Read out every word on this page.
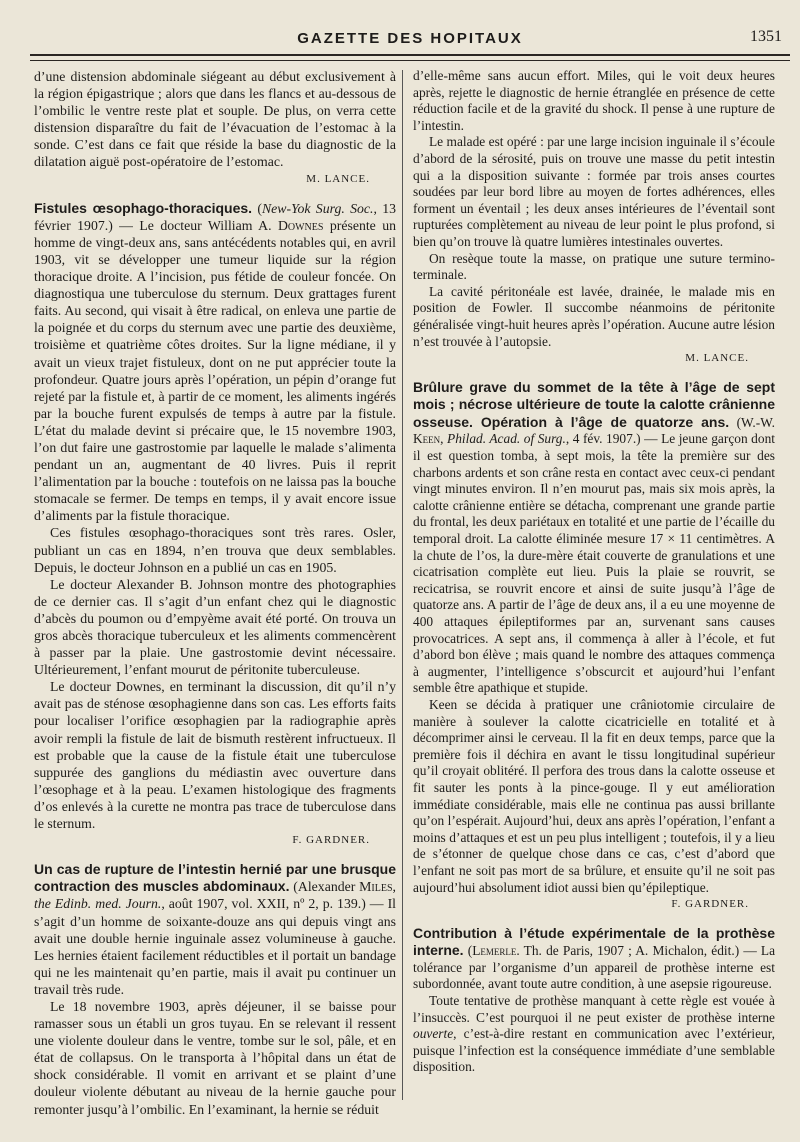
GAZETTE DES HOPITAUX	1351

d’une distension abdominale siégeant au début exclusivement à la région épigastrique ; alors que dans les flancs et au-dessous de l’ombilic le ventre reste plat et souple. De plus, on verra cette distension disparaître du fait de l’évacuation de l’estomac à la sonde. C’est dans ce fait que réside la base du diagnostic de la dilatation aiguë post-opératoire de l’estomac.

M. LANCE.

Fistules œsophago-thoraciques. (New-Yok Surg. Soc., 13 février 1907.) — Le docteur William A. Downes présente un homme de vingt-deux ans, sans antécédents notables qui, en avril 1903, vit se développer une tumeur liquide sur la région thoracique droite. A l’incision, pus fétide de couleur foncée. On diagnostiqua une tuberculose du sternum. Deux grattages furent faits. Au second, qui visait à être radical, on enleva une partie de la poignée et du corps du sternum avec une partie des deuxième, troisième et quatrième côtes droites. Sur la ligne médiane, il y avait un vieux trajet fistuleux, dont on ne put apprécier toute la profondeur. Quatre jours après l’opération, un pépin d’orange fut rejeté par la fistule et, à partir de ce moment, les aliments ingérés par la bouche furent expulsés de temps à autre par la fistule. L’état du malade devint si précaire que, le 15 novembre 1903, l’on dut faire une gastrostomie par laquelle le malade s’alimenta pendant un an, augmentant de 40 livres. Puis il reprit l’alimentation par la bouche : toutefois on ne laissa pas la bouche stomacale se fermer. De temps en temps, il y avait encore issue d’aliments par la fistule thoracique.

Ces fistules œsophago-thoraciques sont très rares. Osler, publiant un cas en 1894, n’en trouva que deux semblables. Depuis, le docteur Johnson en a publié un cas en 1905.

Le docteur Alexander B. Johnson montre des photographies de ce dernier cas. Il s’agit d’un enfant chez qui le diagnostic d’abcès du poumon ou d’empyème avait été porté. On trouva un gros abcès thoracique tuberculeux et les aliments commencèrent à passer par la plaie. Une gastrostomie devint nécessaire. Ultérieurement, l’enfant mourut de péritonite tuberculeuse.

Le docteur Downes, en terminant la discussion, dit qu’il n’y avait pas de sténose œsophagienne dans son cas. Les efforts faits pour localiser l’orifice œsophagien par la radiographie après avoir rempli la fistule de lait de bismuth restèrent infructueux. Il est probable que la cause de la fistule était une tuberculose suppurée des ganglions du médiastin avec ouverture dans l’œsophage et à la peau. L’examen histologique des fragments d’os enlevés à la curette ne montra pas trace de tuberculose dans le sternum.

F. GARDNER.

Un cas de rupture de l’intestin hernié par une brusque contraction des muscles abdominaux. (Alexander Miles, the Edinb. med. Journ., août 1907, vol. XXII, nº 2, p. 139.) — Il s’agit d’un homme de soixante-douze ans qui depuis vingt ans avait une double hernie inguinale assez volumineuse à gauche. Les hernies étaient facilement réductibles et il portait un bandage qui ne les maintenait qu’en partie, mais il avait pu continuer un travail très rude.

Le 18 novembre 1903, après déjeuner, il se baisse pour ramasser sous un établi un gros tuyau. En se relevant il ressent une violente douleur dans le ventre, tombe sur le sol, pâle, et en état de collapsus. On le transporta à l’hôpital dans un état de shock considérable. Il vomit en arrivant et se plaint d’une douleur violente débutant au niveau de la hernie gauche pour remonter jusqu’à l’ombilic. En l’examinant, la hernie se réduit

d’elle-même sans aucun effort. Miles, qui le voit deux heures après, rejette le diagnostic de hernie étranglée en présence de cette réduction facile et de la gravité du shock. Il pense à une rupture de l’intestin.

Le malade est opéré : par une large incision inguinale il s’écoule d’abord de la sérosité, puis on trouve une masse du petit intestin qui a la disposition suivante : formée par trois anses courtes soudées par leur bord libre au moyen de fortes adhérences, elles forment un éventail ; les deux anses intérieures de l’éventail sont rupturées complètement au niveau de leur point le plus profond, si bien qu’on trouve là quatre lumières intestinales ouvertes.

On resèque toute la masse, on pratique une suture termino-terminale.

La cavité péritonéale est lavée, drainée, le malade mis en position de Fowler. Il succombe néanmoins de péritonite généralisée vingt-huit heures après l’opération. Aucune autre lésion n’est trouvée à l’autopsie.

M. LANCE.

Brûlure grave du sommet de la tête à l’âge de sept mois ; nécrose ultérieure de toute la calotte crânienne osseuse. Opération à l’âge de quatorze ans. (W.-W. Keen, Philad. Acad. of Surg., 4 fév. 1907.) — Le jeune garçon dont il est question tomba, à sept mois, la tête la première sur des charbons ardents et son crâne resta en contact avec ceux-ci pendant vingt minutes environ. Il n’en mourut pas, mais six mois après, la calotte crânienne entière se détacha, comprenant une grande partie du frontal, les deux pariétaux en totalité et une partie de l’écaille du temporal droit. La calotte éliminée mesure 17 × 11 centimètres. A la chute de l’os, la dure-mère était couverte de granulations et une cicatrisation complète eut lieu. Puis la plaie se rouvrit, se recicatrisa, se rouvrit encore et ainsi de suite jusqu’à l’âge de quatorze ans. A partir de l’âge de deux ans, il a eu une moyenne de 400 attaques épileptiformes par an, survenant sans causes provocatrices. A sept ans, il commença à aller à l’école, et fut d’abord bon élève ; mais quand le nombre des attaques commença à augmenter, l’intelligence s’obscurcit et aujourd’hui l’enfant semble être apathique et stupide.

Keen se décida à pratiquer une crâniotomie circulaire de manière à soulever la calotte cicatricielle en totalité et à décomprimer ainsi le cerveau. Il la fit en deux temps, parce que la première fois il déchira en avant le tissu longitudinal supérieur qu’il croyait oblitéré. Il perfora des trous dans la calotte osseuse et fit sauter les ponts à la pince-gouge. Il y eut amélioration immédiate considérable, mais elle ne continua pas aussi brillante qu’on l’espérait. Aujourd’hui, deux ans après l’opération, l’enfant a moins d’attaques et est un peu plus intelligent ; toutefois, il y a lieu de s’étonner de quelque chose dans ce cas, c’est d’abord que l’enfant ne soit pas mort de sa brûlure, et ensuite qu’il ne soit pas aujourd’hui absolument idiot aussi bien qu’épileptique.

F. GARDNER.

Contribution à l’étude expérimentale de la prothèse interne. (Lemerle. Th. de Paris, 1907 ; A. Michalon, édit.) — La tolérance par l’organisme d’un appareil de prothèse interne est subordonnée, avant toute autre condition, à une asepsie rigoureuse.

Toute tentative de prothèse manquant à cette règle est vouée à l’insuccès. C’est pourquoi il ne peut exister de prothèse interne ouverte, c’est-à-dire restant en communication avec l’extérieur, puisque l’infection est la conséquence immédiate d’une semblable disposition.
